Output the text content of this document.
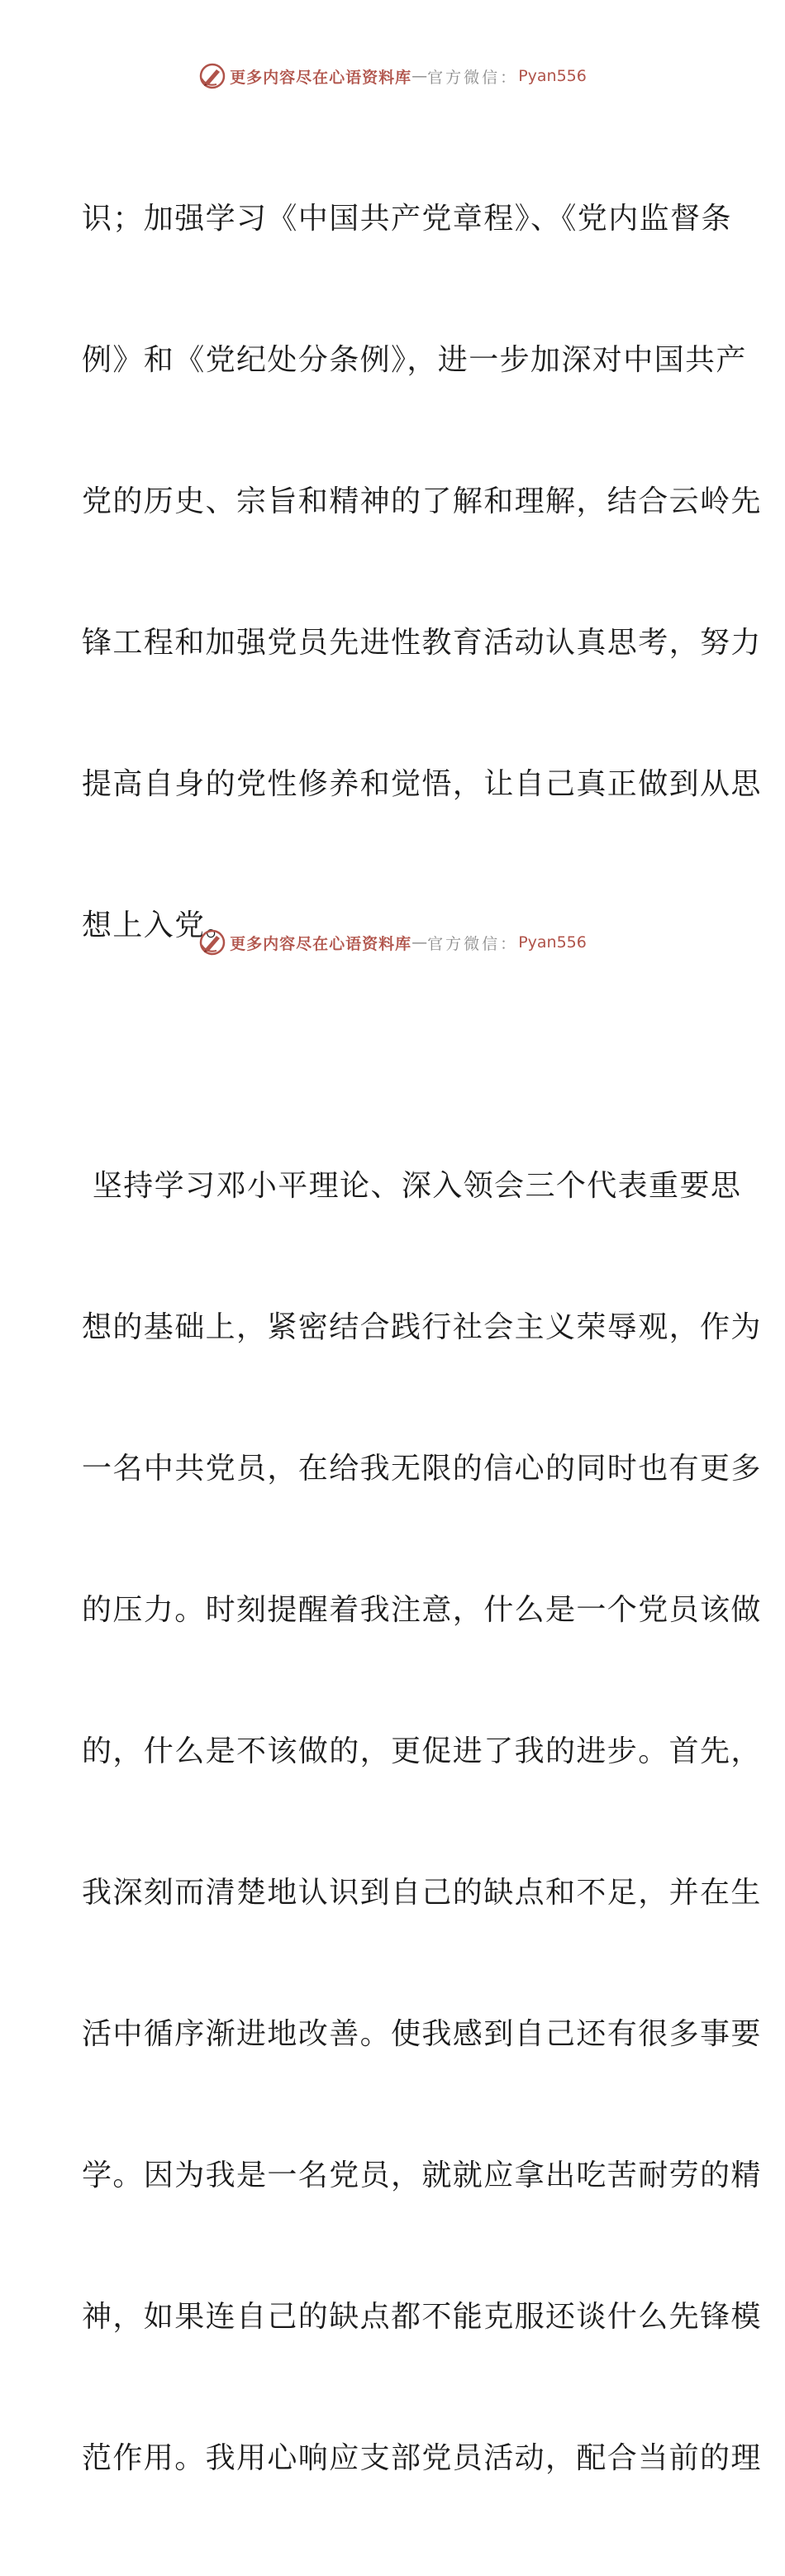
更多内容尽在心语资料库 — 官方微信： Pyan556

识；加强学习《中国共产党章程》、《党内监督条

例》和《党纪处分条例》，进一步加深对中国共产

党的历史、宗旨和精神的了解和理解，结合云岭先

锋工程和加强党员先进性教育活动认真思考，努力

提高自身的党性修养和觉悟，让自己真正做到从思

想上入党。

坚持学习邓小平理论、深入领会三个代表重要思

想的基础上，紧密结合践行社会主义荣辱观，作为

一名中共党员，在给我无限的信心的同时也有更多

的压力。时刻提醒着我注意，什么是一个党员该做

的，什么是不该做的，更促进了我的进步。首先，

我深刻而清楚地认识到自己的缺点和不足，并在生

活中循序渐进地改善。使我感到自己还有很多事要

学。因为我是一名党员，就就应拿出吃苦耐劳的精

神，如果连自己的缺点都不能克服还谈什么先锋模

范作用。我用心响应支部党员活动，配合当前的理

更多内容尽在心语资料库 — 官方微信： Pyan556
